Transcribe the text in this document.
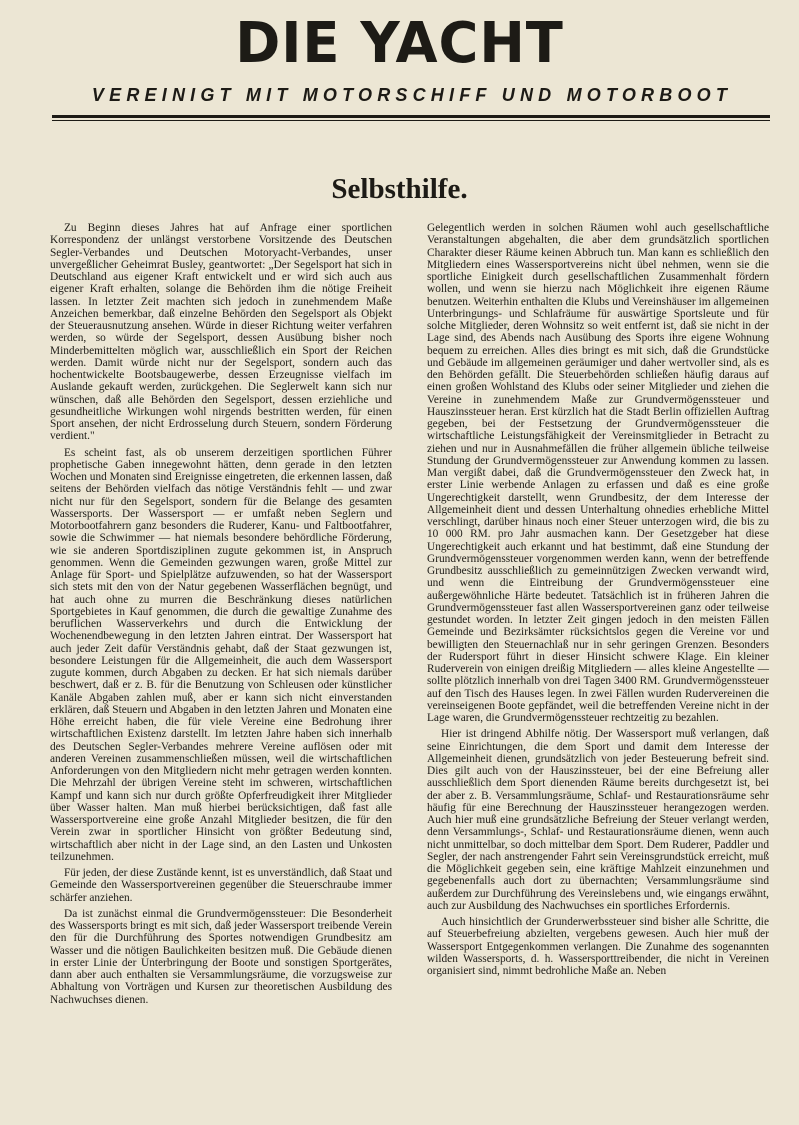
DIE YACHT
VEREINIGT MIT MOTORSCHIFF UND MOTORBOOT
Selbsthilfe.

Zu Beginn dieses Jahres hat auf Anfrage einer sportlichen Korrespondenz der unlängst verstorbene Vorsitzende des Deutschen Segler-Verbandes und Deutschen Motoryacht-Verbandes, unser unvergeßlicher Geheimrat Busley, geantwortet: „Der Segelsport hat sich in Deutschland aus eigener Kraft entwickelt und er wird sich auch aus eigener Kraft erhalten, solange die Behörden ihm die nötige Freiheit lassen. In letzter Zeit machten sich jedoch in zunehmendem Maße Anzeichen bemerkbar, daß einzelne Behörden den Segelsport als Objekt der Steuerausnutzung ansehen. Würde in dieser Richtung weiter verfahren werden, so würde der Segelsport, dessen Ausübung bisher noch Minderbemittelten möglich war, ausschließlich ein Sport der Reichen werden. Damit würde nicht nur der Segelsport, sondern auch das hochentwickelte Bootsbaugewerbe, dessen Erzeugnisse vielfach im Auslande gekauft werden, zurückgehen. Die Seglerwelt kann sich nur wünschen, daß alle Behörden den Segelsport, dessen erziehliche und gesundheitliche Wirkungen wohl nirgends bestritten werden, für einen Sport ansehen, der nicht Erdrosselung durch Steuern, sondern Förderung verdient."

Es scheint fast, als ob unserem derzeitigen sportlichen Führer prophetische Gaben innegewohnt hätten, denn gerade in den letzten Wochen und Monaten sind Ereignisse eingetreten, die erkennen lassen, daß seitens der Behörden vielfach das nötige Verständnis fehlt — und zwar nicht nur für den Segelsport, sondern für die Belange des gesamten Wassersports. Der Wassersport — er umfaßt neben Seglern und Motorbootfahrern ganz besonders die Ruderer, Kanu- und Faltbootfahrer, sowie die Schwimmer — hat niemals besondere behördliche Förderung, wie sie anderen Sportdisziplinen zugute gekommen ist, in Anspruch genommen. Wenn die Gemeinden gezwungen waren, große Mittel zur Anlage für Sport- und Spielplätze aufzuwenden, so hat der Wassersport sich stets mit den von der Natur gegebenen Wasserflächen begnügt, und hat auch ohne zu murren die Beschränkung dieses natürlichen Sportgebietes in Kauf genommen, die durch die gewaltige Zunahme des beruflichen Wasserverkehrs und durch die Entwicklung der Wochenendbewegung in den letzten Jahren eintrat. Der Wassersport hat auch jeder Zeit dafür Verständnis gehabt, daß der Staat gezwungen ist, besondere Leistungen für die Allgemeinheit, die auch dem Wassersport zugute kommen, durch Abgaben zu decken. Er hat sich niemals darüber beschwert, daß er z. B. für die Benutzung von Schleusen oder künstlicher Kanäle Abgaben zahlen muß, aber er kann sich nicht einverstanden erklären, daß Steuern und Abgaben in den letzten Jahren und Monaten eine Höhe erreicht haben, die für viele Vereine eine Bedrohung ihrer wirtschaftlichen Existenz darstellt. Im letzten Jahre haben sich innerhalb des Deutschen Segler-Verbandes mehrere Vereine auflösen oder mit anderen Vereinen zusammenschließen müssen, weil die wirtschaftlichen Anforderungen von den Mitgliedern nicht mehr getragen werden konnten. Die Mehrzahl der übrigen Vereine steht im schweren, wirtschaftlichen Kampf und kann sich nur durch größte Opferfreudigkeit ihrer Mitglieder über Wasser halten. Man muß hierbei berücksichtigen, daß fast alle Wassersportvereine eine große Anzahl Mitglieder besitzen, die für den Verein zwar in sportlicher Hinsicht von größter Bedeutung sind, wirtschaftlich aber nicht in der Lage sind, an den Lasten und Unkosten teilzunehmen.

Für jeden, der diese Zustände kennt, ist es unverständlich, daß Staat und Gemeinde den Wassersportvereinen gegenüber die Steuerschraube immer schärfer anziehen.

Da ist zunächst einmal die Grundvermögenssteuer: Die Besonderheit des Wassersports bringt es mit sich, daß jeder Wassersport treibende Verein den für die Durchführung des Sportes notwendigen Grundbesitz am Wasser und die nötigen Baulichkeiten besitzen muß. Die Gebäude dienen in erster Linie der Unterbringung der Boote und sonstigen Sportgerätes, dann aber auch enthalten sie Versammlungsräume, die vorzugsweise zur Abhaltung von Vorträgen und Kursen zur theoretischen Ausbildung des Nachwuchses dienen.

Gelegentlich werden in solchen Räumen wohl auch gesellschaftliche Veranstaltungen abgehalten, die aber dem grundsätzlich sportlichen Charakter dieser Räume keinen Abbruch tun. Man kann es schließlich den Mitgliedern eines Wassersportvereins nicht übel nehmen, wenn sie die sportliche Einigkeit durch gesellschaftlichen Zusammenhalt fördern wollen, und wenn sie hierzu nach Möglichkeit ihre eigenen Räume benutzen. Weiterhin enthalten die Klubs und Vereinshäuser im allgemeinen Unterbringungs- und Schlafräume für auswärtige Sportsleute und für solche Mitglieder, deren Wohnsitz so weit entfernt ist, daß sie nicht in der Lage sind, des Abends nach Ausübung des Sports ihre eigene Wohnung bequem zu erreichen. Alles dies bringt es mit sich, daß die Grundstücke und Gebäude im allgemeinen geräumiger und daher wertvoller sind, als es den Behörden gefällt. Die Steuerbehörden schließen häufig daraus auf einen großen Wohlstand des Klubs oder seiner Mitglieder und ziehen die Vereine in zunehmendem Maße zur Grundvermögenssteuer und Hauszinssteuer heran. Erst kürzlich hat die Stadt Berlin offiziellen Auftrag gegeben, bei der Festsetzung der Grundvermögenssteuer die wirtschaftliche Leistungsfähigkeit der Vereinsmitglieder in Betracht zu ziehen und nur in Ausnahmefällen die früher allgemein übliche teilweise Stundung der Grundvermögenssteuer zur Anwendung kommen zu lassen. Man vergißt dabei, daß die Grundvermögenssteuer den Zweck hat, in erster Linie werbende Anlagen zu erfassen und daß es eine große Ungerechtigkeit darstellt, wenn Grundbesitz, der dem Interesse der Allgemeinheit dient und dessen Unterhaltung ohnedies erhebliche Mittel verschlingt, darüber hinaus noch einer Steuer unterzogen wird, die bis zu 10 000 RM. pro Jahr ausmachen kann. Der Gesetzgeber hat diese Ungerechtigkeit auch erkannt und hat bestimmt, daß eine Stundung der Grundvermögenssteuer vorgenommen werden kann, wenn der betreffende Grundbesitz ausschließlich zu gemeinnützigen Zwecken verwandt wird, und wenn die Eintreibung der Grundvermögenssteuer eine außergewöhnliche Härte bedeutet. Tatsächlich ist in früheren Jahren die Grundvermögenssteuer fast allen Wassersportvereinen ganz oder teilweise gestundet worden. In letzter Zeit gingen jedoch in den meisten Fällen Gemeinde und Bezirksämter rücksichtslos gegen die Vereine vor und bewilligten den Steuernachlaß nur in sehr geringen Grenzen. Besonders der Rudersport führt in dieser Hinsicht schwere Klage. Ein kleiner Ruderverein von einigen dreißig Mitgliedern — alles kleine Angestellte — sollte plötzlich innerhalb von drei Tagen 3400 RM. Grundvermögenssteuer auf den Tisch des Hauses legen. In zwei Fällen wurden Rudervereinen die vereinseigenen Boote gepfändet, weil die betreffenden Vereine nicht in der Lage waren, die Grundvermögenssteuer rechtzeitig zu bezahlen.

Hier ist dringend Abhilfe nötig. Der Wassersport muß verlangen, daß seine Einrichtungen, die dem Sport und damit dem Interesse der Allgemeinheit dienen, grundsätzlich von jeder Besteuerung befreit sind. Dies gilt auch von der Hauszinssteuer, bei der eine Befreiung aller ausschließlich dem Sport dienenden Räume bereits durchgesetzt ist, bei der aber z. B. Versammlungsräume, Schlaf- und Restaurationsräume sehr häufig für eine Berechnung der Hauszinssteuer herangezogen werden. Auch hier muß eine grundsätzliche Befreiung der Steuer verlangt werden, denn Versammlungs-, Schlaf- und Restaurationsräume dienen, wenn auch nicht unmittelbar, so doch mittelbar dem Sport. Dem Ruderer, Paddler und Segler, der nach anstrengender Fahrt sein Vereinsgrundstück erreicht, muß die Möglichkeit gegeben sein, eine kräftige Mahlzeit einzunehmen und gegebenenfalls auch dort zu übernachten; Versammlungsräume sind außerdem zur Durchführung des Vereinslebens und, wie eingangs erwähnt, auch zur Ausbildung des Nachwuchses ein sportliches Erfordernis.

Auch hinsichtlich der Grunderwerbssteuer sind bisher alle Schritte, die auf Steuerbefreiung abzielten, vergebens gewesen. Auch hier muß der Wassersport Entgegenkommen verlangen. Die Zunahme des sogenannten wilden Wassersports, d. h. Wassersporttreibender, die nicht in Vereinen organisiert sind, nimmt bedrohliche Maße an. Neben
